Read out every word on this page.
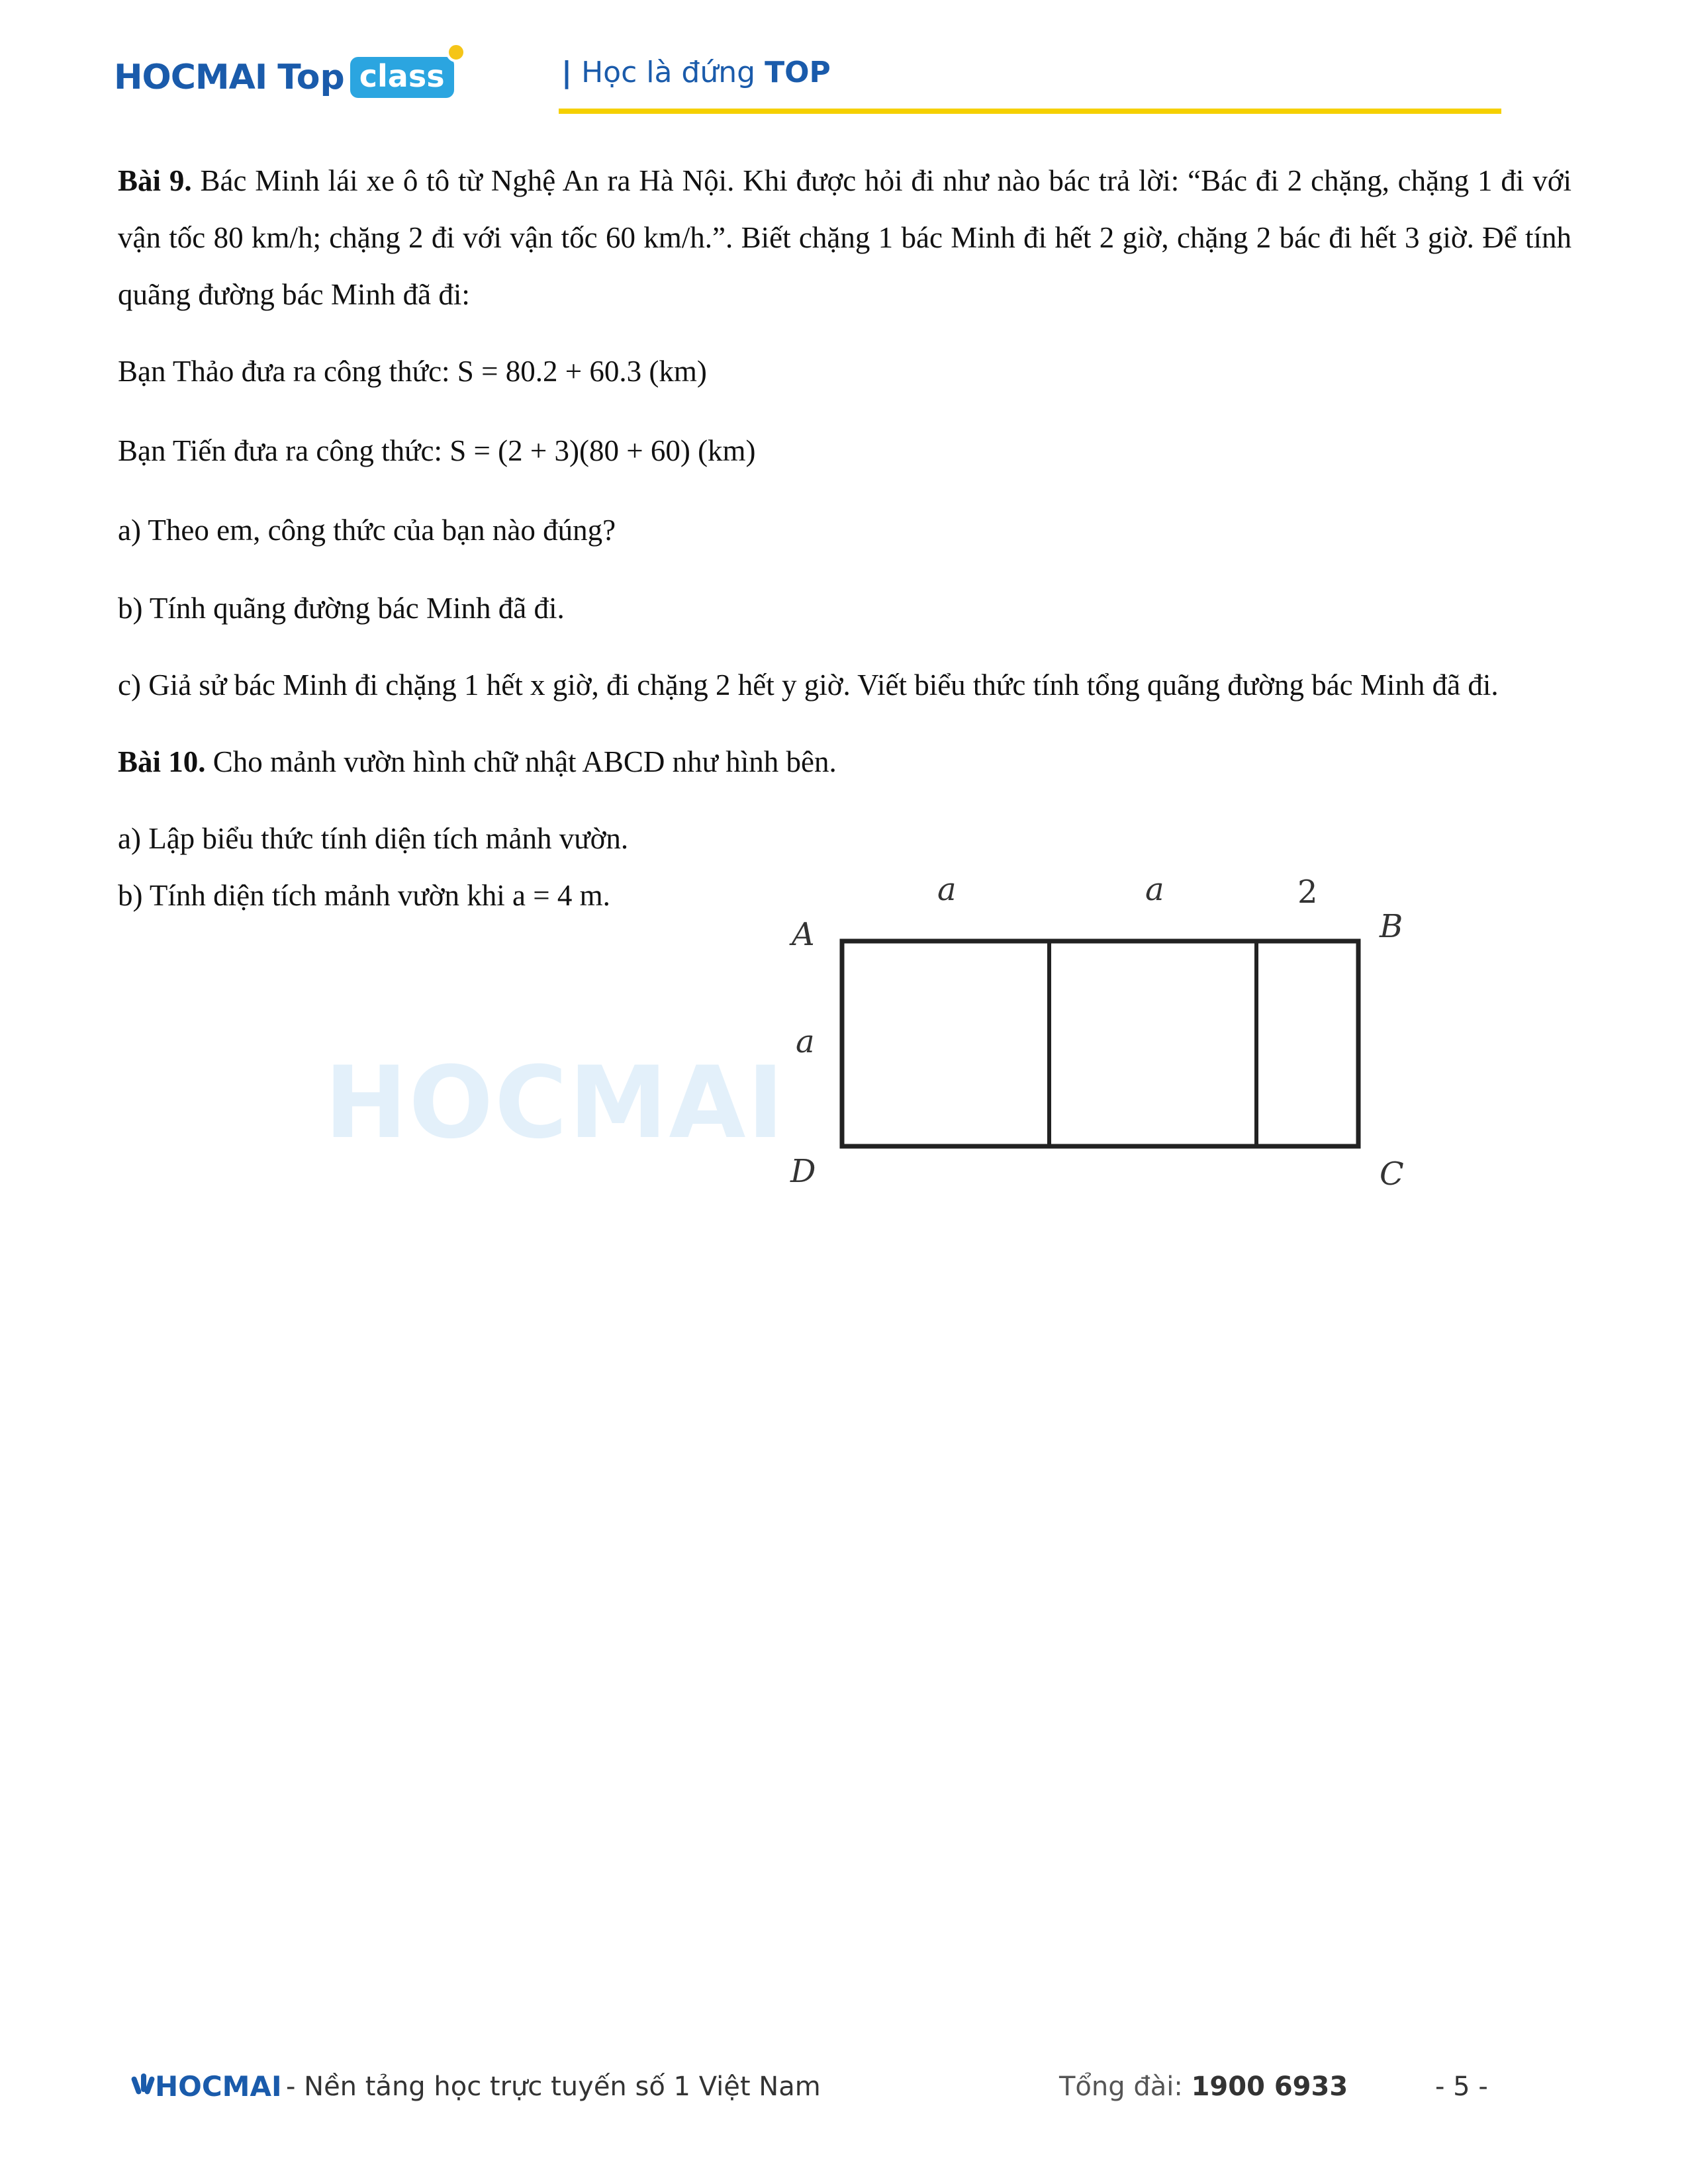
HOCMAI Top class	| Học là đứng TOP
HOCMAI

Bài 9. Bác Minh lái xe ô tô từ Nghệ An ra Hà Nội. Khi được hỏi đi như nào bác trả lời: “Bác đi 2 chặng, chặng 1 đi với vận tốc 80 km/h; chặng 2 đi với vận tốc 60 km/h.”. Biết chặng 1 bác Minh đi hết 2 giờ, chặng 2 bác đi hết 3 giờ. Để tính quãng đường bác Minh đã đi:

Bạn Thảo đưa ra công thức: S = 80.2 + 60.3 (km)

Bạn Tiến đưa ra công thức: S = (2 + 3)(80 + 60) (km)

a) Theo em, công thức của bạn nào đúng?

b) Tính quãng đường bác Minh đã đi.

c) Giả sử bác Minh đi chặng 1 hết x giờ, đi chặng 2 hết y giờ. Viết biểu thức tính tổng quãng đường bác Minh đã đi.

Bài 10. Cho mảnh vườn hình chữ nhật ABCD như hình bên.

a) Lập biểu thức tính diện tích mảnh vườn.

b) Tính diện tích mảnh vườn khi a = 4 m.

A	B
C
D
a	a
a
2
HOCMAI - Nền tảng học trực tuyến số 1 Việt Nam	Tổng đài: 1900 6933	- 5 -
